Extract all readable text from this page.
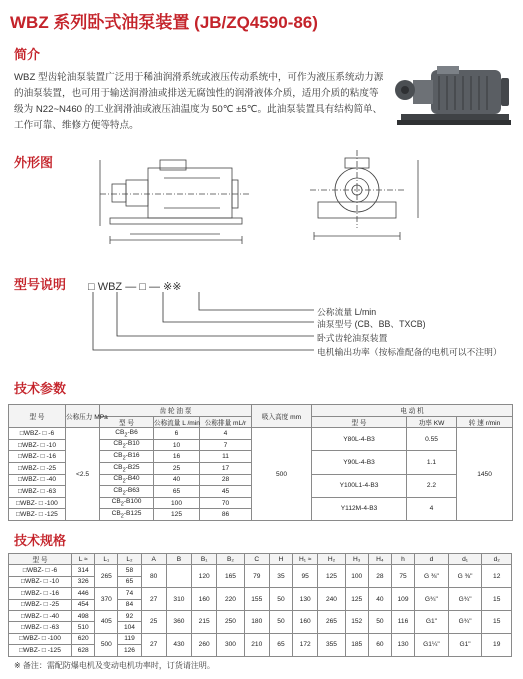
WBZ 系列卧式油泵装置 (JB/ZQ4590-86)
简介
WBZ 型齿轮油泵装置广泛用于稀油润滑系统或液压传动系统中，可作为液压系统动力源的油泵装置，也可用于输送润滑油或排送无腐蚀性的润滑液体介质，适用介质的粘度等级为 N22~N460 的工业润滑油或液压油温度为 50℃ ±5℃。此油泵装置具有结构简单、工作可靠、维修方便等特点。
外形图
型号说明 □ WBZ — □ — ※※
公称流量 L/min
油泵型号 (CB、BB、TXCB)
卧式齿轮油泵装置
电机输出功率（按标准配备的电机可以不注明）
技术参数
型 号	公称压力 MPa	齿 轮 油 泵			吸入高度 mm	电 动 机		
		型 号	公称流量 L /min	公称排量 mL/r		型 号	功率 KW	转 速 r/min
□WBZ- □ -6	<2.5	$CB_2-B6$	6	4	500	Y80L-4-B3	0.55	1450
□WBZ- □ -10		$CB_2-B10$	10	7				
□WBZ- □ -16		$CB_2-B16$	16	11		Y90L-4-B3	1.1	
□WBZ- □ -25		$CB_2-B25$	25	17				
□WBZ- □ -40		$CB_2-B40$	40	28		Y100L1-4-B3	2.2	
□WBZ- □ -63		$CB_2-B63$	65	45				
□WBZ- □ -100		$CB_2-B100$	100	70		Y112M-4-B3	4	
□WBZ- □ -125		$CB_2-B125$	125	86				
技术规格
型 号	L ≈	L₁	L₂	A	B	B₁	B₂	C	H	H₁ ≈	H₂	H₃	H₄	h	d	d₁	d₂
□WBZ- □ -6	314	265	58	80		120	165	79	35	95	125	100	28	75	G ⅜"	G ⅜"	12
□WBZ- □ -10	326		65														
□WBZ- □ -16	446	370	74	27	310	160	220	155	50	130	240	125	40	109	G¾"	G¾"	15
□WBZ- □ -25	454		84														
□WBZ- □ -40	498	405	92	25	360	215	250	180	50	160	265	152	50	116	G1"	G¾"	15
□WBZ- □ -63	510		104														
□WBZ- □ -100	620	500	119	27	430	260	300	210	65	172	355	185	60	130	G1¼"	G1"	19
□WBZ- □ -125	628		126														
※ 备注：需配防爆电机及变动电机功率时，订货请注明。
